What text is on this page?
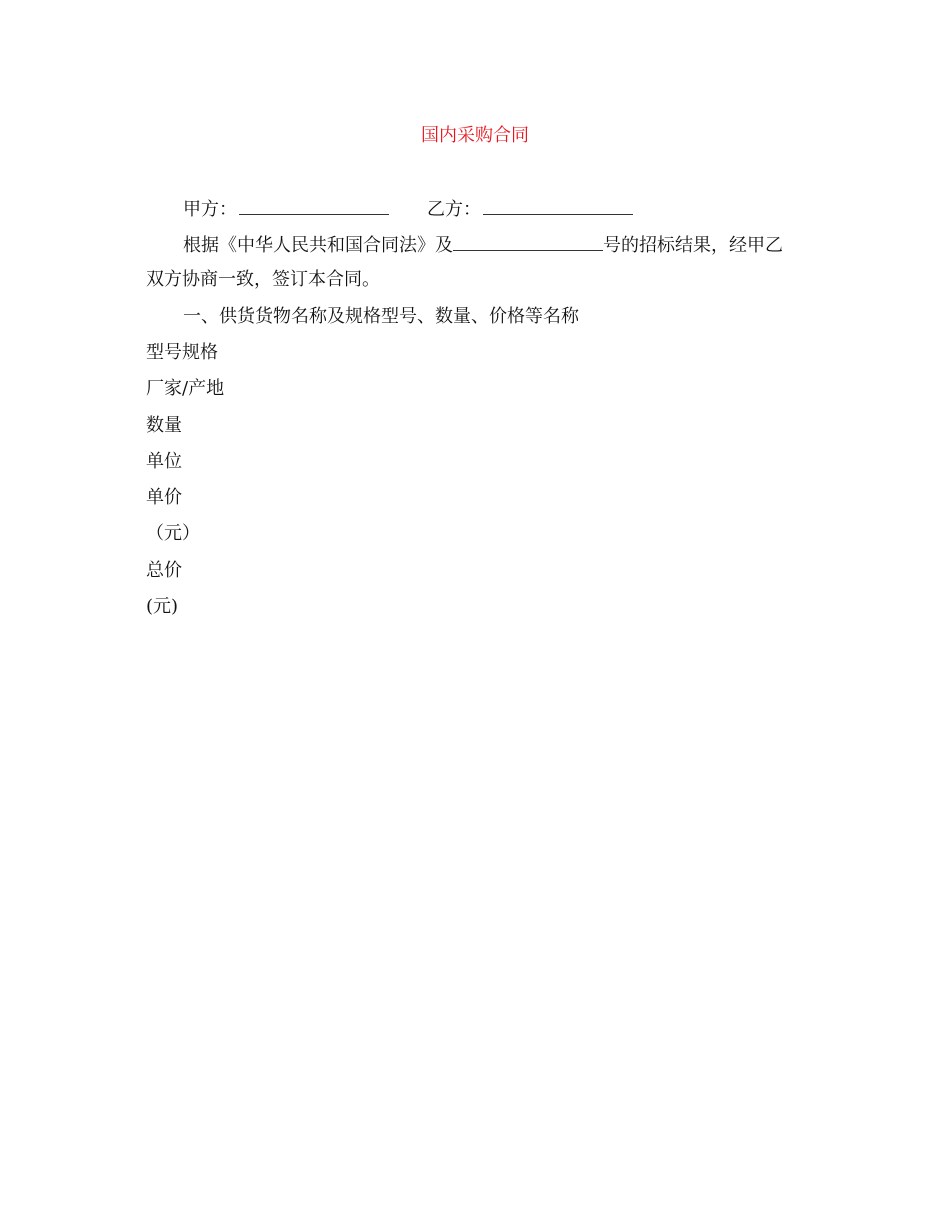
国内采购合同
甲方：	乙方：
根据《中华人民共和国合同法》及	号的招标结果，经甲乙
双方协商一致，签订本合同。
一、供货货物名称及规格型号、数量、价格等名称
型号规格
厂家/产地
数量
单位
单价
（元）
总价
(元)
